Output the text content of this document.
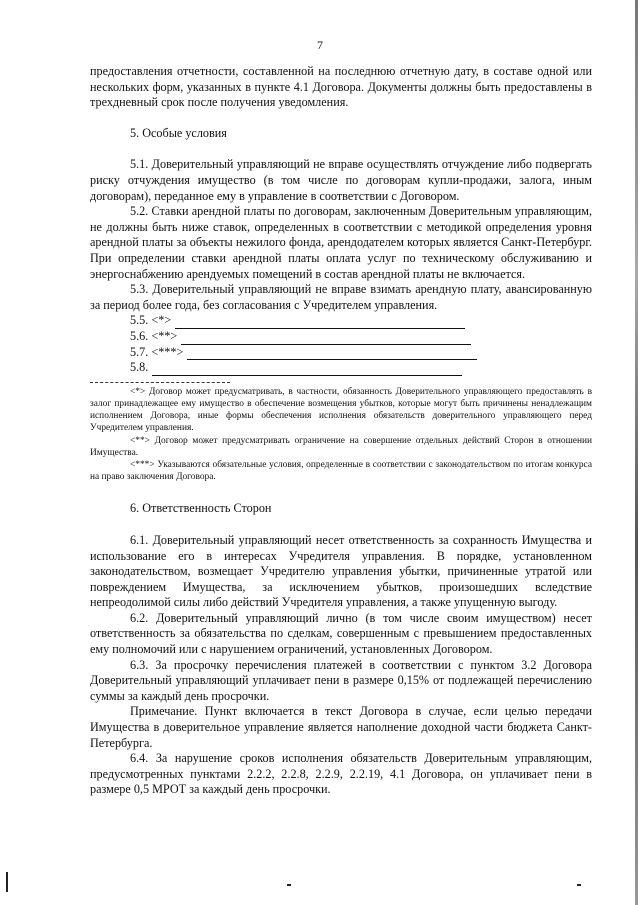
7

предоставления отчетности, составленной на последнюю отчетную дату, в составе одной или нескольких форм, указанных в пункте 4.1 Договора. Документы должны быть предоставлены в трехдневный срок после получения уведомления.

5. Особые условия

5.1. Доверительный управляющий не вправе осуществлять отчуждение либо подвергать риску отчуждения имущество (в том числе по договорам купли-продажи, залога, иным договорам), переданное ему в управление в соответствии с Договором.

5.2. Ставки арендной платы по договорам, заключенным Доверительным управляющим, не должны быть ниже ставок, определенных в соответствии с методикой определения уровня арендной платы за объекты нежилого фонда, арендодателем которых является Санкт-Петербург. При определении ставки арендной платы оплата услуг по техническому обслуживанию и энергоснабжению арендуемых помещений в состав арендной платы не включается.

5.3. Доверительный управляющий не вправе взимать арендную плату, авансированную за период более года, без согласования с Учредителем управления.

5.5. <*>
5.6. <**>
5.7. <***>
5.8.

<*> Договор может предусматривать, в частности, обязанность Доверительного управляющего предоставлять в залог принадлежащее ему имущество в обеспечение возмещения убытков, которые могут быть причинены ненадлежащим исполнением Договора, иные формы обеспечения исполнения обязательств доверительного управляющего перед Учредителем управления.

<**> Договор может предусматривать ограничение на совершение отдельных действий Сторон в отношении Имущества.

<***> Указываются обязательные условия, определенные в соответствии с законодательством по итогам конкурса на право заключения Договора.

6. Ответственность Сторон

6.1. Доверительный управляющий несет ответственность за сохранность Имущества и использование его в интересах Учредителя управления. В порядке, установленном законодательством, возмещает Учредителю управления убытки, причиненные утратой или повреждением Имущества, за исключением убытков, произошедших вследствие непреодолимой силы либо действий Учредителя управления, а также упущенную выгоду.

6.2. Доверительный управляющий лично (в том числе своим имуществом) несет ответственность за обязательства по сделкам, совершенным с превышением предоставленных ему полномочий или с нарушением ограничений, установленных Договором.

6.3. За просрочку перечисления платежей в соответствии с пунктом 3.2 Договора Доверительный управляющий уплачивает пени в размере 0,15% от подлежащей перечислению суммы за каждый день просрочки.

Примечание. Пункт включается в текст Договора в случае, если целью передачи Имущества в доверительное управление является наполнение доходной части бюджета Санкт-Петербурга.

6.4. За нарушение сроков исполнения обязательств Доверительным управляющим, предусмотренных пунктами 2.2.2, 2.2.8, 2.2.9, 2.2.19, 4.1 Договора, он уплачивает пени в размере 0,5 МРОТ за каждый день просрочки.
